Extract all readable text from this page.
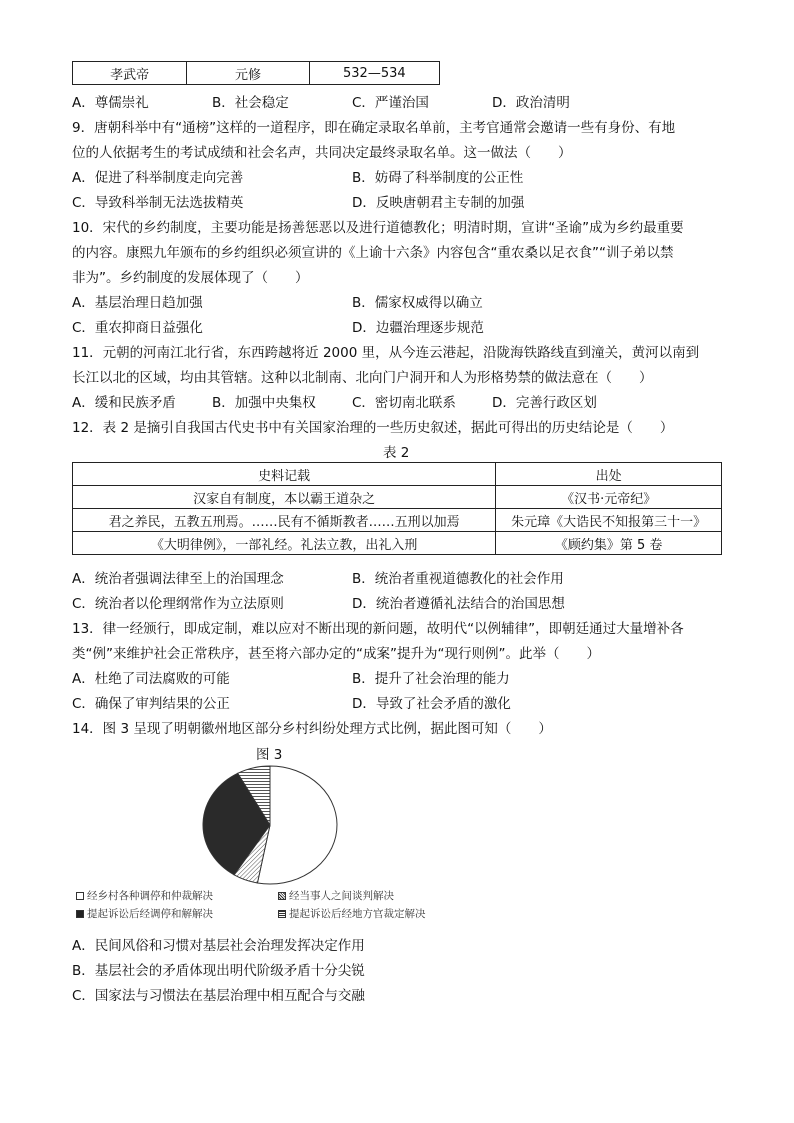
孝武帝	元修	532—534
A．尊儒崇礼	B．社会稳定	C．严谨治国	D．政治清明
9．唐朝科举中有“通榜”这样的一道程序，即在确定录取名单前，主考官通常会邀请一些有身份、有地
位的人依据考生的考试成绩和社会名声，共同决定最终录取名单。这一做法（　　）
A．促进了科举制度走向完善	B．妨碍了科举制度的公正性
C．导致科举制无法选拔精英	D．反映唐朝君主专制的加强
10．宋代的乡约制度，主要功能是扬善惩恶以及进行道德教化；明清时期，宣讲“圣谕”成为乡约最重要
的内容。康熙九年颁布的乡约组织必须宣讲的《上谕十六条》内容包含“重农桑以足衣食”“训子弟以禁
非为”。乡约制度的发展体现了（　　）
A．基层治理日趋加强	B．儒家权威得以确立
C．重农抑商日益强化	D．边疆治理逐步规范
11．元朝的河南江北行省，东西跨越将近 2000 里，从今连云港起，沿陇海铁路线直到潼关，黄河以南到
长江以北的区域，均由其管辖。这种以北制南、北向门户洞开和人为形格势禁的做法意在（　　）
A．缓和民族矛盾	B．加强中央集权	C．密切南北联系	D．完善行政区划
12．表 2 是摘引自我国古代史书中有关国家治理的一些历史叙述，据此可得出的历史结论是（　　）
表 2
史料记载	出处
汉家自有制度，本以霸王道杂之	《汉书·元帝纪》
君之养民，五教五刑焉。……民有不循斯教者……五刑以加焉	朱元璋《大诰民不知报第三十一》
《大明律例》，一部礼经。礼法立教，出礼入刑	《顾约集》第 5 卷
A．统治者强调法律至上的治国理念	B．统治者重视道德教化的社会作用
C．统治者以伦理纲常作为立法原则	D．统治者遵循礼法结合的治国思想
13．律一经颁行，即成定制，难以应对不断出现的新问题，故明代“以例辅律”，即朝廷通过大量增补各
类“例”来维护社会正常秩序，甚至将六部办定的“成案”提升为“现行则例”。此举（　　）
A．杜绝了司法腐败的可能	B．提升了社会治理的能力
C．确保了审判结果的公正	D．导致了社会矛盾的激化
14．图 3 呈现了明朝徽州地区部分乡村纠纷处理方式比例，据此图可知（　　）
图 3
经乡村各种调停和仲裁解决	经当事人之间谈判解决
提起诉讼后经调停和解解决	提起诉讼后经地方官裁定解决
A．民间风俗和习惯对基层社会治理发挥决定作用
B．基层社会的矛盾体现出明代阶级矛盾十分尖锐
C．国家法与习惯法在基层治理中相互配合与交融
